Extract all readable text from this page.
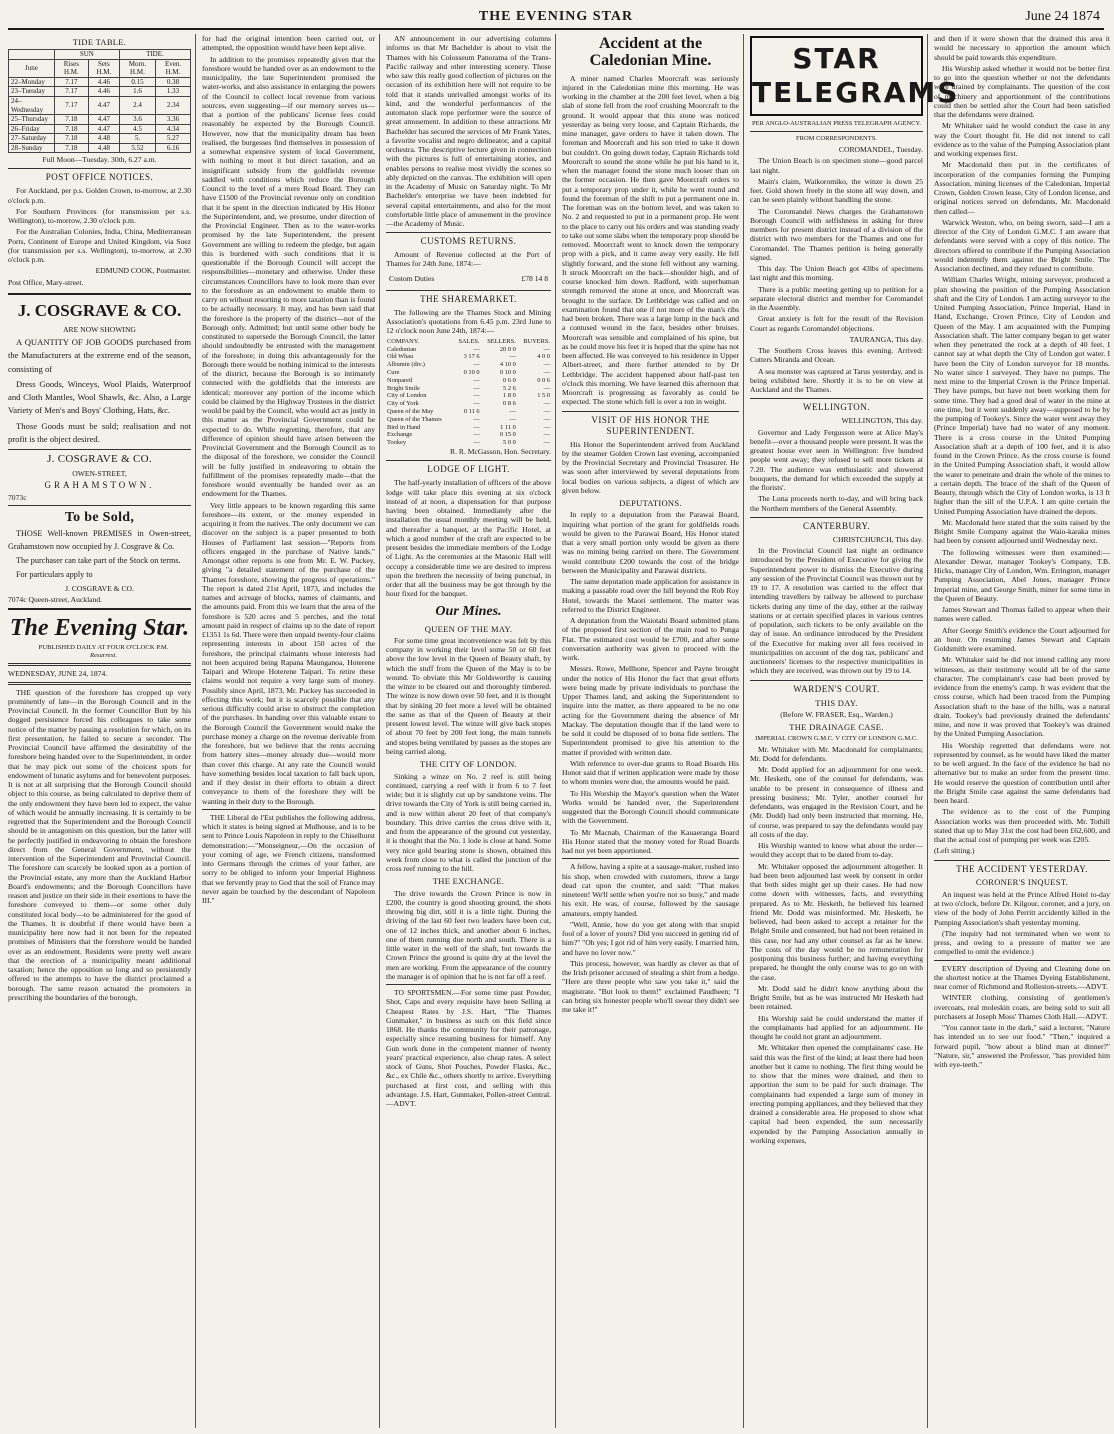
THE EVENING STAR	June 24 1874
TIDE TABLE.
	SUN		TIDE.	
June	Rises H.M.	Sets H.M.	Morn. H.M.	Even. H.M.
22–Monday	7.17	4.46	0.15	0.38
23–Tuesday	7.17	4.46	1.6	1.33
24–Wednesday	7.17	4.47	2.4	2.34
25–Thursday	7.18	4.47	3.6	3.36
26–Friday	7.18	4.47	4.5	4.34
27–Saturday	7.18	4.48	5.	5.27
28–Sunday	7.18	4.48	5.52	6.16

Full Moon—Tuesday. 30th, 6.27 a.m.

POST OFFICE NOTICES.

For Auckland, per p.s. Golden Crown, to-morrow, at 2.30 o'clock p.m.

For Southern Provinces (for transmission per s.s. Wellington), to-morrow, 2.30 o'clock p.m.

For the Australian Colonies, India, China, Mediterranean Ports, Continent of Europe and United Kingdom, via Suez (for transmission per s.s. Wellington), to-morrow, at 2.30 o'clock p.m.

EDMUND COOK, Postmaster.

Post Office, Mary-street.

J. COSGRAVE & CO.

ARE NOW SHOWING

A QUANTITY OF JOB GOODS purchased from the Manufacturers at the extreme end of the season, consisting of

Dress Goods, Winceys, Wool Plaids, Waterproof and Cloth Mantles, Wool Shawls, &c. Also, a Large Variety of Men's and Boys' Clothing, Hats, &c.

Those Goods must be sold; realisation and not profit is the object desired.

J. COSGRAVE & CO.

OWEN-STREET,

GRAHAMSTOWN.

7073c

To be Sold,

THOSE Well-known PREMISES in Owen-street, Grahamstown now occupied by J. Cosgrave & Co.

The purchaser can take part of the Stock on terms.

For particulars apply to

J. COSGRAVE & CO.

7074c Queen-street, Auckland.

The Evening Star.

PUBLISHED DAILY AT FOUR O'CLOCK P.M.

Resurrexi.

WEDNESDAY, JUNE 24, 1874.

THE question of the foreshore has cropped up very prominently of late—in the Borough Council and in the Provincial Council. In the former Councillor Butt by his dogged persistence forced his colleagues to take some notice of the matter by passing a resolution for which, on its first presentation, he failed to secure a seconder. The Provincial Council have affirmed the desirability of the foreshore being handed over to the Superintendent, in order that he may pick out some of the choicest spots for endowment of lunatic asylums and for benevolent purposes. It is not at all surprising that the Borough Council should object to this course, as being calculated to deprive them of the only endowment they have been led to expect, the value of which would be annually increasing. It is certainly to be regretted that the Superintendent and the Borough Council should be in antagonism on this question, but the latter will be perfectly justified in endeavoring to obtain the foreshore direct from the General Government, without the intervention of the Superintendent and Provincial Council. The foreshore can scarcely be looked upon as a portion of the Provincial estate, any more than the Auckland Harbor Board's endowments; and the Borough Councillors have reason and justice on their side in their exertions to have the foreshore conveyed to them—or some other duly constituted local body—to be administered for the good of the Thames. It is doubtful if there would have been a municipality here now had it not been for the repeated promises of Ministers that the foreshore would be handed over as an endowment. Residents were pretty well aware that the erection of a municipality meant additional taxation; hence the opposition so long and so persistently offered to the attempts to have the district proclaimed a borough. The same reason actuated the promoters in prescribing the boundaries of the borough,

for had the original intention been carried out, or attempted, the opposition would have been kept alive.

In addition to the promises repeatedly given that the foreshore would be handed over as an endowment to the municipality, the late Superintendent promised the water-works, and also assistance in enlarging the powers of the Council to collect local revenue from various sources, even suggesting—if our memory serves us—that a portion of the publicans' license fees could reasonably be expected by the Borough Council. However, now that the municipality dream has been realised, the burgesses find themselves in possession of a somewhat expensive system of local Government, with nothing to meet it but direct taxation, and an insignificant subsidy from the goldfields revenue saddled with conditions which reduce the Borough Council to the level of a mere Road Board. They can have £1500 of the Provincial revenue only on condition that it be spent in the direction indicated by His Honor the Superintendent, and, we presume, under direction of the Provincial Engineer. Then as to the water-works promised by the late Superintendent, the present Government are willing to redeem the pledge, but again this is burdened with such conditions that it is questionable if the Borough Council will accept the responsibilities—monetary and otherwise. Under these circumstances Councillors have to look more than ever to the foreshore as an endowment to enable them to carry on without resorting to more taxation than is found to be actually necessary. It may, and has been said that the foreshore is the property of the district—not of the Borough only. Admitted; but until some other body be constituted to supersede the Borough Council, the latter should undoubtedly be entrusted with the management of the foreshore; in doing this advantageously for the Borough there would be nothing inimical to the interests of the district, because the Borough is so intimately connected with the goldfields that the interests are identical; moreover any portion of the income which could be claimed by the Highway Trustees in the district would be paid by the Council, who would act as justly in this matter as the Provincial Government could be expected to do. While regretting, therefore, that any difference of opinion should have arisen between the Provincial Government and the Borough Council as to the disposal of the foreshore, we consider the Council will be fully justified in endeavoring to obtain the fulfillment of the promises repeatedly made—that the foreshore would eventually be handed over as an endowment for the Thames.

Very little appears to be known regarding this same foreshore—its extent, or the money expended in acquiring it from the natives. The only document we can discover on the subject is a paper presented to both Houses of Parliament last session—"Reports from officers engaged in the purchase of Native lands." Amongst other reports is one from Mr. E. W. Puckey, giving "a detailed statement of the purchase of the Thames foreshore, showing the progress of operations." The report is dated 21st April, 1873, and includes the names and acreage of blocks, names of claimants, and the amounts paid. From this we learn that the area of the foreshore is 520 acres and 5 perches, and the total amount paid in respect of claims up to the date of report £1351 1s 6d. There were then unpaid twenty-four claims representing interests in about 150 acres of the foreshore, the principal claimants whose interests had not been acquired being Rapana Maunganoa, Hoterene Taipari and Wirope Hoterene Taipari. To retire these claims would not require a very large sum of money. Possibly since April, 1873, Mr. Puckey has succeeded in effecting this work; but it is scarcely possible that any serious difficulty could arise to obstruct the completion of the purchases. In handing over this valuable estate to the Borough Council the Government would make the purchase money a charge on the revenue derivable from the foreshore, but we believe that the rents accruing from battery sites—money already due—would more than cover this charge. At any rate the Council would have something besides local taxation to fall back upon, and if they desist in their efforts to obtain a direct conveyance to them of the foreshore they will be wanting in their duty to the Borough.

THE Liberal de l'Est publishes the following address, which it states is being signed at Mulhouse, and is to be sent to Prince Louis Napoleon in reply to the Chiselhurst demonstration:—"Monseigneur,—On the occasion of your coming of age, we French citizens, transformed into Germans through the crimes of your father, are sorry to be obliged to inform your Imperial Highness that we fervently pray to God that the soil of France may never again be touched by the descendant of Napoleon III."

AN announcement in our advertising columns informs us that Mr Bachelder is about to visit the Thames with his Colosseum Panorama of the Trans-Pacific railway and other interesting scenery. Those who saw this really good collection of pictures on the occasion of its exhibition here will not require to be told that it stands unrivalled amongst works of its kind, and the wonderful performances of the automaton slack rope performer were the source of great amusement. In addition to these attractions Mr Bachelder has secured the services of Mr Frank Yates, a favorite vocalist and negro delineator, and a capital orchestra. The descriptive lecture given in connection with the pictures is full of entertaining stories, and enables persons to realise most vividly the scenes so ably depicted on the canvas. The exhibition will open in the Academy of Music on Saturday night. To Mr Bachelder's enterprise we have been indebted for several capital entertainments, and also for the most comfortable little place of amusement in the province—the Academy of Music.

CUSTOMS RETURNS.

Amount of Revenue collected at the Port of Thames for 24th June, 1874:—

Custom Duties	£78 14 8
THE SHAREMARKET.

The following are the Thames Stock and Mining Association's quotations from 6.45 p.m. 23rd June to 12 o'clock noon June 24th, 1874:—

COMPANY.	SALES.	SELLERS.	BUYERS.
Caledonian	—	20 0 0	—
Old Whau	3 17 6	—	4 0 0
Albumin (div.)	—	4 10 0	—
Cure	0 10 0	0 10 0	—
Nonpareil	—	0 6 0	0 0 6
Bright Smile	—	5 2 6	—
City of London	—	1 8 0	1 5 0
City of York	—	0 8 6	—
Queen of the May	0 11 6	—	—
Queen of the Thames	—	—	—
Bird in Hand	—	1 11 0	—
Exchange	—	0 15 0	—
Tookey	—	5 0 0	—

R. R. McGasson, Hon. Secretary.

LODGE OF LIGHT.

The half-yearly installation of officers of the above lodge will take place this evening at six o'clock instead of at noon, a dispensation for that purpose having been obtained. Immediately after the installation the usual monthly meeting will be held, and thereafter a banquet, at the Pacific Hotel, at which a good number of the craft are expected to be present besides the immediate members of the Lodge of Light. As the ceremonies at the Masonic Hall will occupy a considerable time we are desired to impress upon the brethren the necessity of being punctual, in order that all the business may be got through by the hour fixed for the banquet.

Our Mines.
QUEEN OF THE MAY.

For some time great inconvenience was felt by this company in working their level some 50 or 60 feet above the low level in the Queen of Beauty shaft, by which the stuff from the Queen of the May is to be wound. To obviate this Mr Goldsworthy is causing the winze to be cleared out and thoroughly timbered. The winze is now down over 50 feet, and it is thought that by sinking 20 feet more a level will be obtained the same as that of the Queen of Beauty at their present lowest level. The winze will give back stopes of about 70 feet by 200 feet long, the main tunnels and stopes being ventilated by passes as the stopes are being carried along.

THE CITY OF LONDON.

Sinking a winze on No. 2 reef is still being continued, carrying a reef with it from 6 to 7 feet wide; but it is slightly cut up by sandstone veins. The drive towards the City of York is still being carried in, and is now within about 20 feet of that company's boundary. This drive carries the cross drive with it, and from the appearance of the ground cut yesterday, it is thought that the No. 1 lode is close at hand. Some very nice gold bearing stone is shown, obtained this week from close to what is called the junction of the cross reef running to the hill.

THE EXCHANGE.

The drive towards the Crown Prince is now in £200, the country is good shooting ground, the shots throwing big dirt, still it is a little tight. During the driving of the last 60 feet two leaders have been cut, one of 12 inches thick, and another about 6 inches, one of them running due north and south. There is a little water in the well of the shaft, but towards the Crown Prince the ground is quite dry at the level the men are working. From the appearance of the country the manager is of opinion that he is not far off a reef.

TO SPORTSMEN.—For some time past Powder, Shot, Caps and every requisite have been Selling at Cheapest Rates by J.S. Hart, "The Thames Gunmaker," in business as such on this field since 1868. He thanks the community for their patronage, especially since resuming business for himself. Any Gun work done in the competent manner of twenty years' practical experience, also cheap rates. A select stock of Guns, Shot Pouches, Powder Flasks, &c., &c., ex Chile &c., others shortly to arrive. Everything purchased at first cost, and selling with this advantage. J.S. Hart, Gunmaker, Pollen-street Central.—ADVT.

Accident at the Caledonian Mine.

A miner named Charles Moorcraft was seriously injured in the Caledonian mine this morning. He was working in the chamber at the 200 feet level, when a big slab of stone fell from the roof crushing Moorcraft to the ground. It would appear that this stone was noticed yesterday as being very loose, and Captain Richards, the mine manager, gave orders to have it taken down. The foreman and Moorcraft and his son tried to take it down but couldn't. On going down today, Captain Richards told Moorcraft to sound the stone while he put his hand to it, when the manager found the stone much looser than on the former occasion. He then gave Moorcraft orders to put a temporary prop under it, while he went round and found the foreman of the shift to put a permanent one in. The foreman was on the bottom level, and was taken to No. 2 and requested to put in a permanent prop. He went to the place to carry out his orders and was standing ready to take out some slabs when the temporary prop should be removed. Moorcraft went to knock down the temporary prop with a pick, and it came away very easily. He fell slightly forward, and the stone fell without any warning. It struck Moorcraft on the back—shoulder high, and of course knocked him down. Radford, with superhuman strength removed the stone at once, and Moorcraft was brought to the surface. Dr Lethbridge was called and on examination found that one if not more of the man's ribs had been broken. There was a large lump in the back and a contused wound in the face, besides other bruises. Moorcraft was sensible and complained of his spine, but as he could move his feet it is hoped that the spine has not been affected. He was conveyed to his residence in Upper Albert-street, and there further attended to by Dr Lethbridge. The accident happened about half-past ten o'clock this morning. We have learned this afternoon that Moorcraft is progressing as favorably as could be expected. The stone which fell is over a ton in weight.

VISIT OF HIS HONOR THE SUPERINTENDENT.

His Honor the Superintendent arrived from Auckland by the steamer Golden Crown last evening, accompanied by the Provincial Secretary and Provincial Treasurer. He was soon after interviewed by several deputations from local bodies on various subjects, a digest of which are given below.

DEPUTATIONS.

In reply to a deputation from the Parawai Board, inquiring what portion of the grant for goldfields roads would be given to the Parawai Board, His Honor stated that a very small portion only would be given as there was no mining being carried on there. The Government would contribute £200 towards the cost of the bridge between the Municipality and Parawai districts.

The same deputation made application for assistance in making a passable road over the hill beyond the Rob Roy Hotel, towards the Maori settlement. The matter was referred to the District Engineer.

A deputation from the Waiotahi Board submitted plans of the proposed first section of the main road to Punga Flat. The estimated cost would be £700, and after some conversation authority was given to proceed with the work.

Messrs. Rowe, Mellhone, Spencer and Payne brought under the notice of His Honor the fact that great efforts were being made by private individuals to purchase the Upper Thames land, and asking the Superintendent to inquire into the matter, as there appeared to be no one acting for the Government during the absence of Mr Mackay. The deputation thought that if the land were to be sold it could be disposed of to bona fide settlers. The Superintendent promised to give his attention to the matter if provided with written date.

With reference to over-due grants to Road Boards His Honor said that if written application were made by those to whom monies were due, the amounts would be paid.

To His Worship the Mayor's question when the Water Works would be handed over, the Superintendent suggested that the Borough Council should communicate with the Government.

To Mr Macnab, Chairman of the Kauaeranga Board His Honor stated that the money voted for Road Boards had not yet been apportioned.

A fellow, having a spite at a sausage-maker, rushed into his shop, when crowded with customers, threw a large dead cat upon the counter, and said: "That makes nineteen! We'll settle when you're not so busy," and made his exit. He was, of course, followed by the sausage amateurs, empty handed.

"Well, Annie, how do you get along with that stupid fool of a lover of yours? Did you succeed in getting rid of him?" "Oh yes; I got rid of him very easily. I married him, and have no lover now."

This process, however, was hardly as clever as that of the Irish prisoner accused of stealing a shirt from a hedge. "Here are three people who saw you take it," said the magistrate. "But look to them!" exclaimed Paudheen; "I can bring six honester people who'll swear they didn't see me take it!"

STAR TELEGRAMS

PER ANGLO-AUSTRALIAN PRESS TELEGRAPH AGENCY.

FROM CORRESPONDENTS.

COROMANDEL, Tuesday.

The Union Beach is on specimen stone—good parcel last night.

Main's claim, Waikoromiko, the winze is down 25 feet. Gold shown freely in the stone all way down, and can be seen plainly without handling the stone.

The Coromandel News charges the Grahamstown Borough Council with selfishness in asking for three members for present district instead of a division of the district with two members for the Thames and one for Coromandel. The Thames petition is being generally signed.

This day. The Union Beach got 43lbs of specimens last night and this morning.

There is a public meeting getting up to petition for a separate electoral district and member for Coromandel in the Assembly.

Great anxiety is felt for the result of the Revision Court as regards Coromandel objections.

TAURANGA, This day.

The Southern Cross leaves this evening. Arrived: Cutters Miranda and Ocean.

A sea monster was captured at Tarus yesterday, and is being exhibited here. Shortly it is to be on view at Auckland and the Thames.

WELLINGTON.

WELLINGTON, This day.

Governor and Lady Fergusson were at Alice May's benefit—over a thousand people were present. It was the greatest house ever seen in Wellington: five hundred people went away; they refused to sell more tickets at 7.20. The audience was enthusiastic and showered bouquets, the demand for which exceeded the supply at the florists'.

The Luna proceeds north to-day, and will bring back the Northern members of the General Assembly.

CANTERBURY.

CHRISTCHURCH, This day.

In the Provincial Council last night an ordinance introduced by the President of Executive for giving the Superintendent power to dismiss the Executive during any session of the Provincial Council was thrown out by 19 to 17. A resolution was carried to the effect that intending travellers by railway be allowed to purchase tickets during any time of the day, either at the railway stations or at certain specified places in various centres of population, such tickets to be only available on the day of issue. An ordinance introduced by the President of the Executive for making over all fees received in municipalities on account of the dog tax, publicans' and auctioneers' licenses to the respective municipalities in which they are received, was thrown out by 19 to 14.

WARDEN'S COURT.
THIS DAY.

(Before W. FRASER, Esq., Warden.)

THE DRAINAGE CASE.

IMPERIAL CROWN G.M.C. V CITY OF LONDON G.M.C.

Mr. Whitaker with Mr. Macdonald for complainants; Mr. Dodd for defendants.

Mr. Dodd applied for an adjournment for one week. Mr. Hesketh, one of the counsel for defendants, was unable to be present in consequence of illness and pressing business; Mr. Tyler, another counsel for defendants, was engaged in the Revision Court, and he (Mr. Dodd) had only been instructed that morning. He, of course, was prepared to say the defendants would pay all costs of the day.

His Worship wanted to know what about the order—would they accept that to be dated from to-day.

Mr. Whitaker opposed the adjournment altogether. It had been been adjourned last week by consent in order that both sides might get up their cases. He had now come down with witnesses, facts, and everything prepared. As to Mr. Hesketh, he believed his learned friend Mr. Dodd was misinformed. Mr. Hesketh, he believed, had been asked to accept a retainer for the Bright Smile and consented, but had not been retained in this case, nor had any other counsel as far as he knew. The costs of the day would be no remuneration for postponing this business further; and having everything prepared, he thought the only course was to go on with the case.

Mr. Dodd said he didn't know anything about the Bright Smile, but as he was instructed Mr Hesketh had been retained.

His Worship said he could understand the matter if the complainants had applied for an adjournment. He thought he could not grant an adjournment.

Mr. Whitaker then opened the complainants' case. He said this was the first of the kind; at least there had been another but it came to nothing. The first thing would be to show that the mines were drained, and then to apportion the sum to be paid for such drainage. The complainants had expended a large sum of money in erecting pumping appliances, and they believed that they drained a considerable area. He proposed to show what capital had been expended, the sum necessarily expended by the Pumping Association annually in working expenses,

and then if it were shown that the drained this area it would be necessary to apportion the amount which should be paid towards this expenditure.

His Worship asked whether it would not be better first to go into the question whether or not the defendants were drained by complainants. The question of the cost of machinery and apportionment of the contributions could then be settled after the Court had been satisfied that the defendants were drained.

Mr Whitaker said he would conduct the case in any way the Court thought fit. He did not intend to call evidence as to the value of the Pumping Association plant and working expenses first.

Mr Macdonald then put in the certificates of incorporation of the companies forming the Pumping Association, mining licenses of the Caledonian, Imperial Crown, Golden Crown lease, City of London license, and original notices served on defendants, Mr. Macdonald then called—

Warwick Weston, who, on being sworn, said—I am a director of the City of London G.M.C. I am aware that defendants were served with a copy of this notice. The directors offered to contribute if the Pumping Association would indemnify them against the Bright Smile. The Association declined, and they refused to contribute.

William Charles Wright, mining surveyor, produced a plan showing the position of the Pumping Association shaft and the City of London. I am acting surveyor to the United Pumping Association, Prince Imperial, Hand in Hand, Exchange, Crown Prince, City of London and Queen of the May. I am acquainted with the Pumping Association shaft. The latter company began to get water when they penetrated the rock at a depth of 40 feet. I cannot say at what depth the City of London got water. I have been the City of London surveyor for 18 months. No water since I surveyed. They have no pumps. The next mine to the Imperial Crown is the Prince Imperial. They have pumps, but have not been working them for some time. They had a good deal of water in the mine at one time, but it went suddenly away—supposed to be by the pumping of Tookey's. Since the water went away they (Prince Imperial) have had no water of any moment. There is a cross course in the United Pumping Association shaft at a depth of 100 feet, and it is also found in the Crown Prince. As the cross course is found in the United Pumping Association shaft, it would allow the water to penetrate and drain the whole of the mines to a certain depth. The brace of the shaft of the Queen of Beauty, through which the City of London works, is 13 ft higher than the sill of the U.P.A. I am quite certain the United Pumping Association have drained the depots.

Mr. Macdonald here stated that the suits raised by the Bright Smile Company against the Waio-karaka mines had been by consent adjourned until Wednesday next.

The following witnesses were then examined:—Alexander Dewar, manager Tookey's Company, T.B. Hicks, manager City of London, Wm. Errington, manager Pumping Association, Abel Jones, manager Prince Imperial mine, and George Smith, miner for some time in the Queen of Beauty.

James Stewart and Thomas failed to appear when their names were called.

After George Smith's evidence the Court adjourned for an hour. On resuming James Stewart and Captain Goldsmith were examined.

Mr. Whitaker said he did not intend calling any more witnesses, as their testimony would all be of the same character. The complainant's case had been proved by evidence from the enemy's camp. It was evident that the cross course, which had been traced from the Pumping Association shaft to the base of the hills, was a natural drain. Tookey's had previously drained the defendants' mine, and now it was proved that Tookey's was drained by the United Pumping Association.

His Worship regretted that defendants were not represented by counsel, as he would have liked the matter to be well argued. In the face of the evidence he had no alternative but to make an order from the present time. He would reserve the question of contribution until after the Bright Smile case against the same defendants had been heard.

The evidence as to the cost of the Pumping Association works was then proceeded with. Mr. Tothill stated that up to May 31st the cost had been £62,600, and that the actual cost of pumping per week was £205.

(Left sitting.)

THE ACCIDENT YESTERDAY.
CORONER'S INQUEST.

An inquest was held at the Prince Alfred Hotel to-day at two o'clock, before Dr. Kilgour, coroner, and a jury, on view of the body of John Perritt accidently killed in the Pumping Association's shaft yesterday morning.

(The inquiry had not terminated when we went to press, and owing to a pressure of matter we are compelled to omit the evidence.)

EVERY description of Dyeing and Cleaning done on the shortest notice at the Thames Dyeing Establishment, near corner of Richmond and Rolleston-streets.—ADVT.

WINTER clothing, consisting of gentlemen's overcoats, real moleskin coats, are being sold to suit all purchasers at Joseph Moss' Thames Cloth Hall.—ADVT.

"You cannot taste in the dark," said a lecturer, "Nature has intended us to see our food." "Then," inquired a forward pupil, "how about a blind man at dinner?" "Nature, sir," answered the Professor, "has provided him with eye-teeth."
